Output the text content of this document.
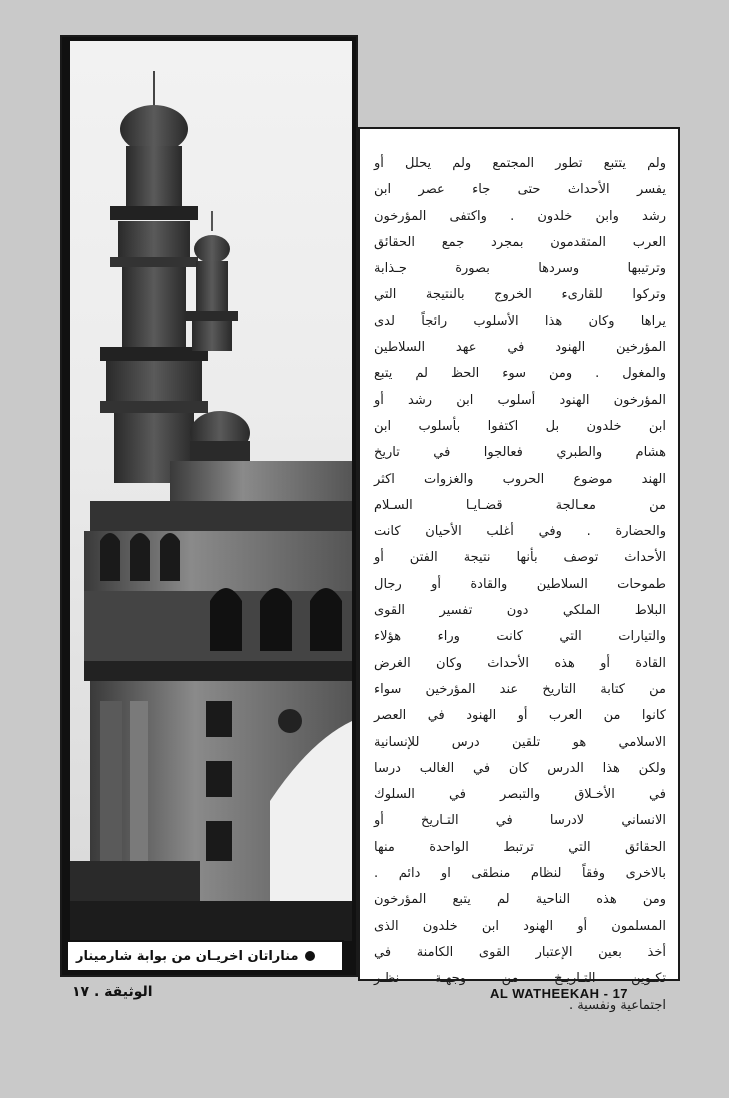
مناراتان اخريـان من بوابة شارمينار
ولم يتتبع تطور المجتمع ولم يحلل أو
يفسر الأحداث حتى جاء عصر ابن
رشد وابن خلدون . واكتفى المؤرخون
العرب المتقدمون بمجرد جمع الحقائق
وترتيبها وسردها بصورة جـذابة
وتركوا للقارىء الخروج بالنتيجة التي
يراها وكان هذا الأسلوب رائجاً لدى
المؤرخين الهنود في عهد السلاطين
والمغول . ومن سوء الحظ لم يتبع
المؤرخون الهنود أسلوب ابن رشد أو
ابن خلدون بل اكتفوا بأسلوب ابن
هشام والطبري فعالجوا في تاريخ
الهند موضوع الحروب والغزوات اكثر
من معـالجة قضـايـا السـلام
والحضارة . وفي أغلب الأحيان كانت
الأحداث توصف بأنها نتيجة الفتن أو
طموحات السلاطين والقادة أو رجال
البلاط الملكي دون تفسير القوى
والتيارات التي كانت وراء هؤلاء
القادة أو هذه الأحداث وكان الغرض
من كتابة التاريخ عند المؤرخين سواء
كانوا من العرب أو الهنود في العصر
الاسلامي هو تلقين درس للإنسانية
ولكن هذا الدرس كان في الغالب درسا
في الأخـلاق والتبصر في السلوك
الانساني لادرسا في التـاريخ أو
الحقائق التي ترتبط الواحدة منها
بالاخرى وفقاً لنظام منطقى او دائم .
ومن هذه الناحية لم يتبع المؤرخون
المسلمون أو الهنود ابن خلدون الذى
أخذ بعين الإعتبار القوى الكامنة في
تكـوين التـاريـخ من وجهـة نظـر
اجتماعية ونفسية .
الوثيقة . ١٧	AL WATHEEKAH - 17
